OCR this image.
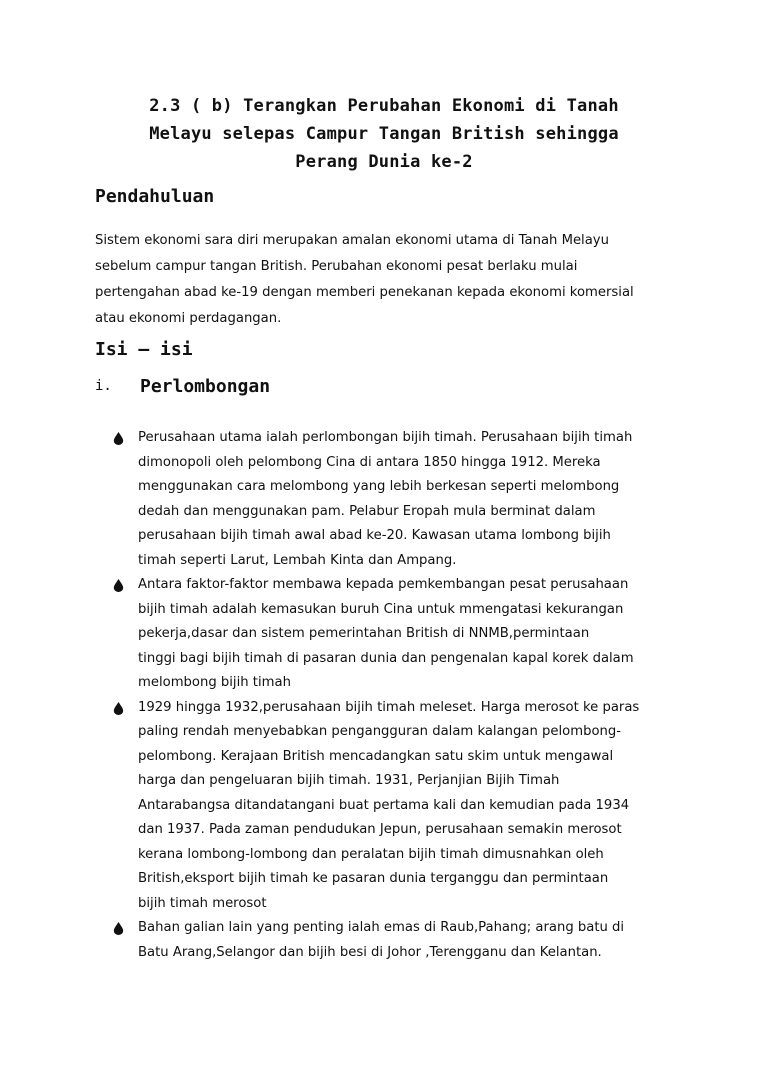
2.3 ( b) Terangkan Perubahan Ekonomi di Tanah
Melayu selepas Campur Tangan British sehingga
Perang Dunia ke-2
Pendahuluan
Sistem ekonomi sara diri merupakan amalan ekonomi utama di Tanah Melayu
sebelum campur tangan British. Perubahan ekonomi pesat berlaku mulai
pertengahan abad ke-19 dengan memberi penekanan kepada ekonomi komersial
atau ekonomi perdagangan.
Isi – isi
i. Perlombongan
Perusahaan utama ialah perlombongan bijih timah. Perusahaan bijih timah
dimonopoli oleh pelombong Cina di antara 1850 hingga 1912. Mereka
menggunakan cara melombong yang lebih berkesan seperti melombong
dedah dan menggunakan pam. Pelabur Eropah mula berminat dalam
perusahaan bijih timah awal abad ke-20. Kawasan utama lombong bijih
timah seperti Larut, Lembah Kinta dan Ampang.
Antara faktor-faktor membawa kepada pemkembangan pesat perusahaan
bijih timah adalah kemasukan buruh Cina untuk mmengatasi kekurangan
pekerja,dasar dan sistem pemerintahan British di NNMB,permintaan
tinggi bagi bijih timah di pasaran dunia dan pengenalan kapal korek dalam
melombong bijih timah
1929 hingga 1932,perusahaan bijih timah meleset. Harga merosot ke paras
paling rendah menyebabkan pengangguran dalam kalangan pelombong-
pelombong. Kerajaan British mencadangkan satu skim untuk mengawal
harga dan pengeluaran bijih timah. 1931, Perjanjian Bijih Timah
Antarabangsa ditandatangani buat pertama kali dan kemudian pada 1934
dan 1937. Pada zaman pendudukan Jepun, perusahaan semakin merosot
kerana lombong-lombong dan peralatan bijih timah dimusnahkan oleh
British,eksport bijih timah ke pasaran dunia terganggu dan permintaan
bijih timah merosot
Bahan galian lain yang penting ialah emas di Raub,Pahang; arang batu di
Batu Arang,Selangor dan bijih besi di Johor ,Terengganu dan Kelantan.
